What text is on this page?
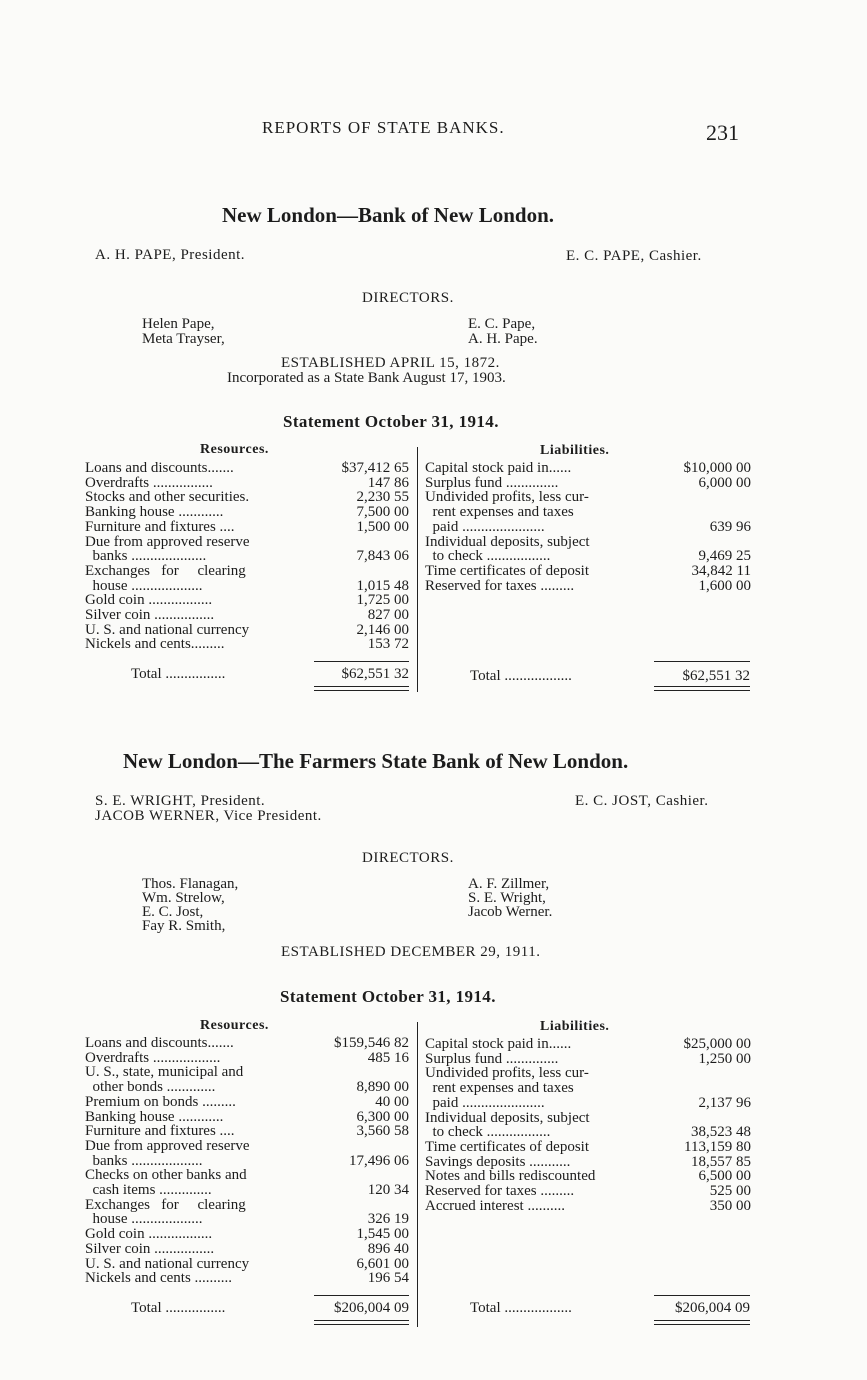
REPORTS OF STATE BANKS.	231
New London—Bank of New London.
A. H. PAPE, President.	E. C. PAPE, Cashier.
DIRECTORS.
Helen Pape,
Meta Trayser,
E. C. Pape,
A. H. Pape.
ESTABLISHED APRIL 15, 1872.
Incorporated as a State Bank August 17, 1903.
Statement October 31, 1914.
Resources.	Liabilities.
Loans and discounts.......	$37,412 65
Overdrafts ................	147 86
Stocks and other securities.	2,230 55
Banking house ............	7,500 00
Furniture and fixtures ....	1,500 00
Due from approved reserve
banks ....................	7,843 06
Exchanges   for     clearing
house ...................	1,015 48
Gold coin .................	1,725 00
Silver coin ................	827 00
U. S. and national currency	2,146 00
Nickels and cents.........	153 72
Capital stock paid in......	$10,000 00
Surplus fund ..............	6,000 00
Undivided profits, less cur-
rent expenses and taxes
paid ......................	639 96
Individual deposits, subject
to check .................	9,469 25
Time certificates of deposit	34,842 11
Reserved for taxes .........	1,600 00
Total ................	$62,551 32	Total ..................	$62,551 32
New London—The Farmers State Bank of New London.
S. E. WRIGHT, President.
JACOB WERNER, Vice President.
E. C. JOST, Cashier.
DIRECTORS.
Thos. Flanagan,
Wm. Strelow,
E. C. Jost,
Fay R. Smith,
A. F. Zillmer,
S. E. Wright,
Jacob Werner.
ESTABLISHED DECEMBER 29, 1911.
Statement October 31, 1914.
Resources.	Liabilities.
Loans and discounts.......	$159,546 82
Overdrafts ..................	485 16
U. S., state, municipal and
other bonds .............	8,890 00
Premium on bonds .........	40 00
Banking house ............	6,300 00
Furniture and fixtures ....	3,560 58
Due from approved reserve
banks ...................	17,496 06
Checks on other banks and
cash items ..............	120 34
Exchanges   for     clearing
house ...................	326 19
Gold coin .................	1,545 00
Silver coin ................	896 40
U. S. and national currency	6,601 00
Nickels and cents ..........	196 54
Capital stock paid in......	$25,000 00
Surplus fund ..............	1,250 00
Undivided profits, less cur-
rent expenses and taxes
paid ......................	2,137 96
Individual deposits, subject
to check .................	38,523 48
Time certificates of deposit	113,159 80
Savings deposits ...........	18,557 85
Notes and bills rediscounted	6,500 00
Reserved for taxes .........	525 00
Accrued interest ..........	350 00
Total ................	$206,004 09	Total ..................	$206,004 09
